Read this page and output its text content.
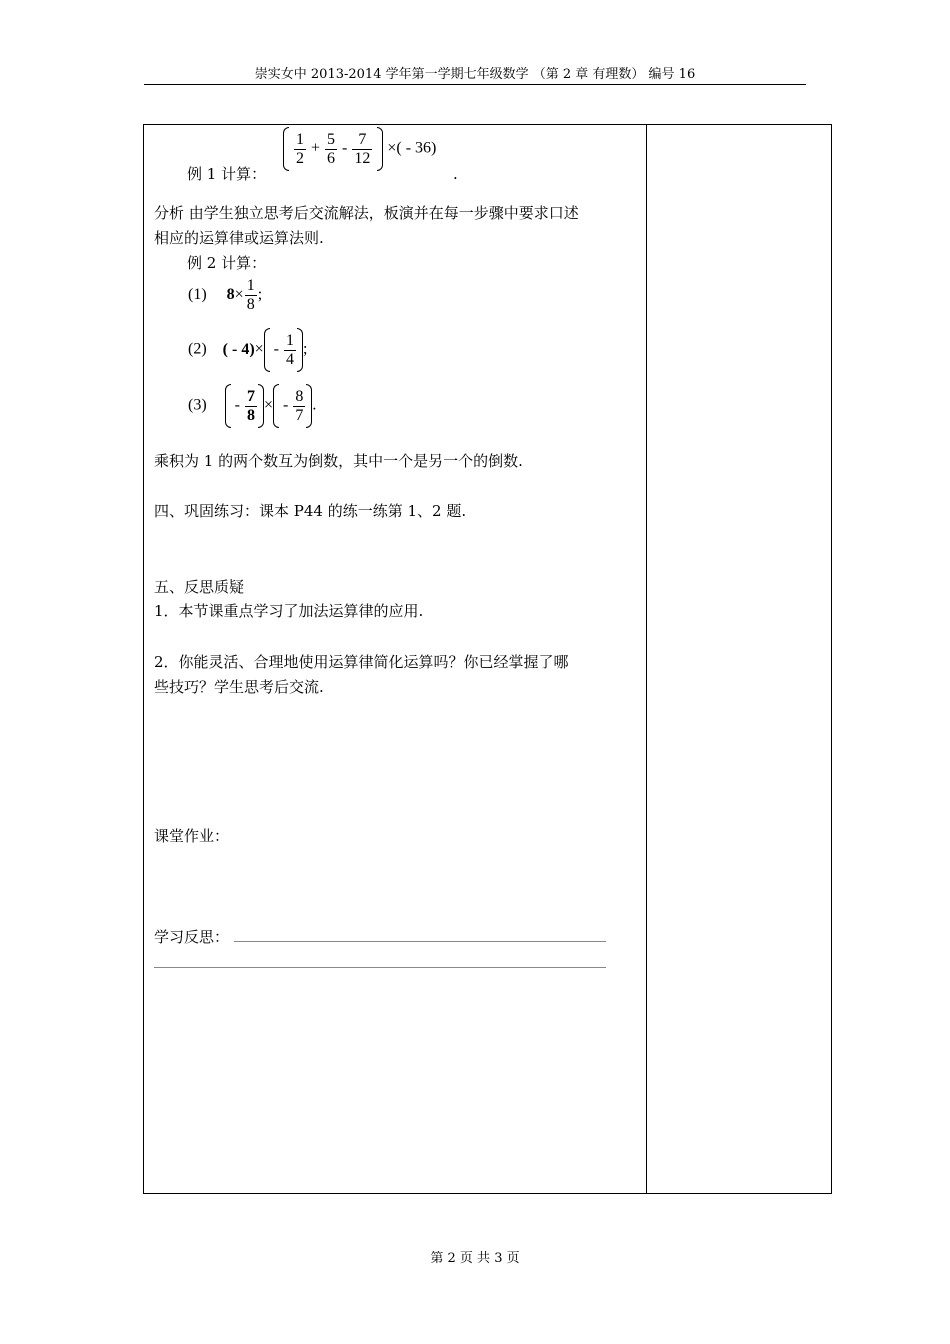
崇实女中 2013-2014 学年第一学期七年级数学 （第 2 章 有理数） 编号 16
例 1 计算：

$\frac{1}{2} + \frac{5}{6} - \frac{7}{12}$ ×( - 36)
.
分析 由学生独立思考后交流解法，板演并在每一步骤中要求口述
相应的运算律或运算法则.
例 2 计算：
(1) $8\times \frac{1}{8}$ ;
(2) ( - $4)\times - \frac{1}{4}$ ;
$(3) - \frac{7}{8}$ × - $\frac{8}{7}$ .
乘积为 1 的两个数互为倒数，其中一个是另一个的倒数.
四、巩固练习：课本 P44 的练一练第 1、2 题.
五、反思质疑
1．本节课重点学习了加法运算律的应用.
2．你能灵活、合理地使用运算律简化运算吗？你已经掌握了哪
些技巧？学生思考后交流.
课堂作业：
学习反思：
第 2 页 共 3 页
